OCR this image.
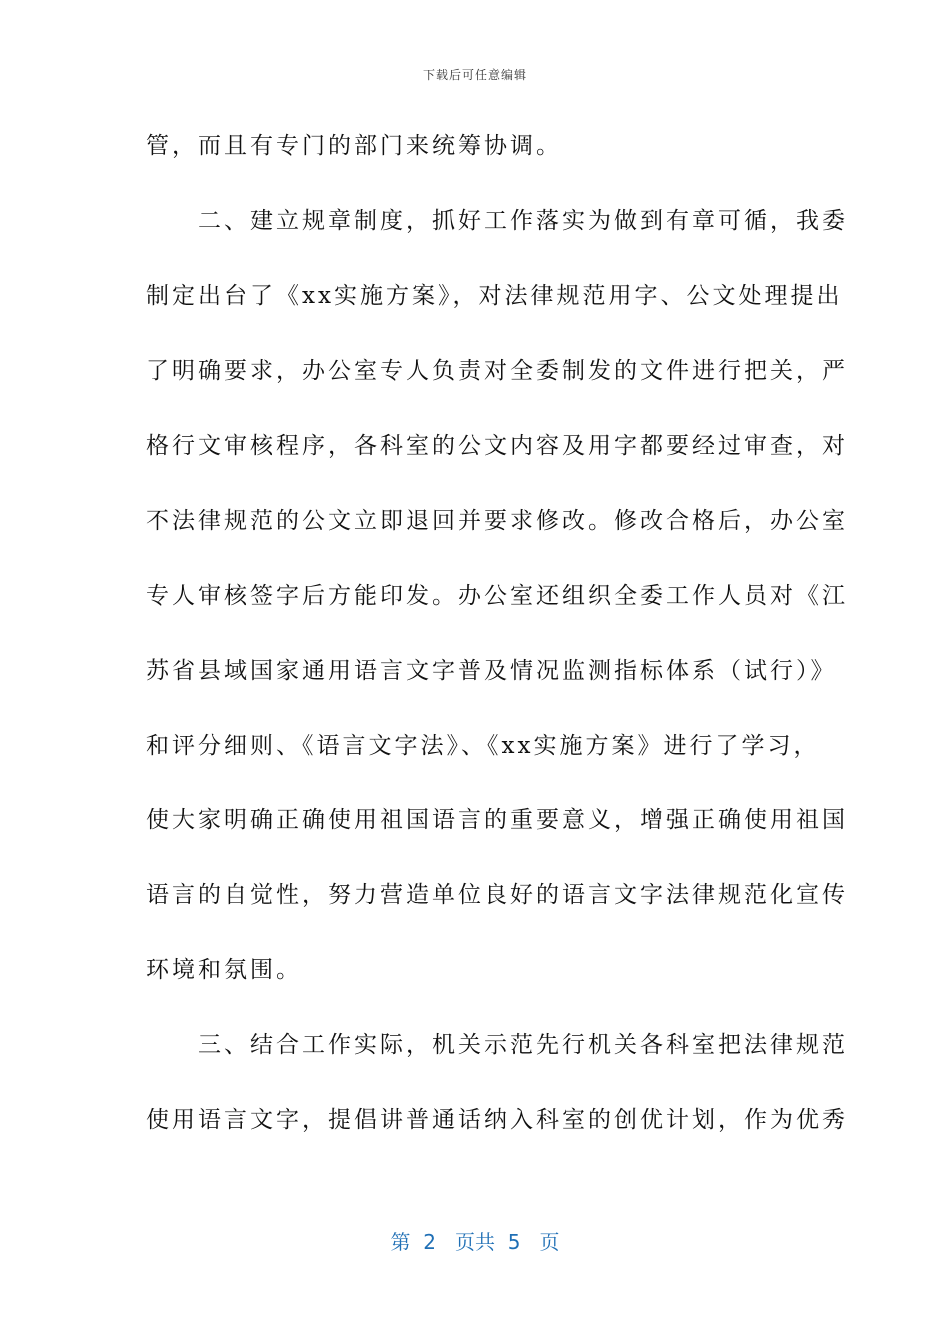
下载后可任意编辑
管，而且有专门的部门来统筹协调。
　　二、建立规章制度，抓好工作落实为做到有章可循，我委
制定出台了《xx实施方案》，对法律规范用字、公文处理提出
了明确要求，办公室专人负责对全委制发的文件进行把关，严
格行文审核程序，各科室的公文内容及用字都要经过审查，对
不法律规范的公文立即退回并要求修改。修改合格后，办公室
专人审核签字后方能印发。办公室还组织全委工作人员对《江
苏省县域国家通用语言文字普及情况监测指标体系（试行）》
和评分细则、《语言文字法》、《xx实施方案》进行了学习，
使大家明确正确使用祖国语言的重要意义，增强正确使用祖国
语言的自觉性，努力营造单位良好的语言文字法律规范化宣传
环境和氛围。
　　三、结合工作实际，机关示范先行机关各科室把法律规范
使用语言文字，提倡讲普通话纳入科室的创优计划，作为优秀
第  2   页共  5   页
